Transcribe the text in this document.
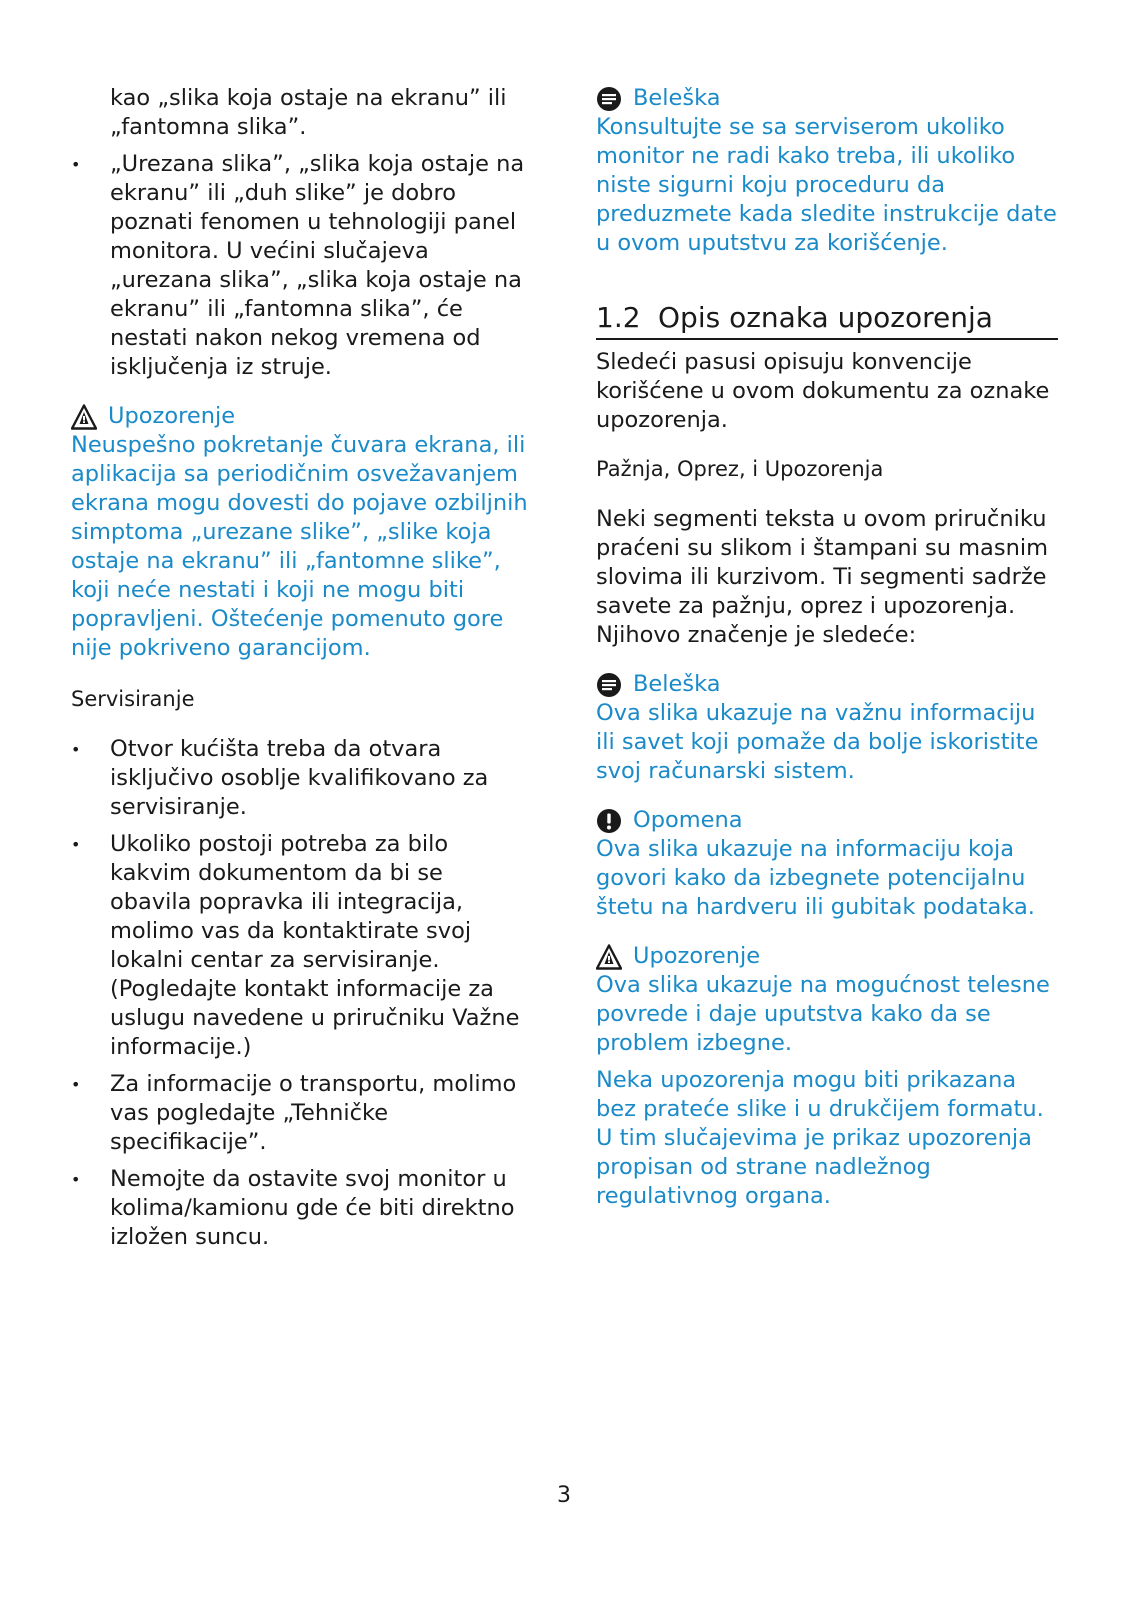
kao „slika koja ostaje na ekranu” ili „fantomna slika”.

• „Urezana slika”, „slika koja ostaje na ekranu” ili „duh slike” je dobro poznati fenomen u tehnologiji panel monitora. U većini slučajeva „urezana slika”, „slika koja ostaje na ekranu” ili „fantomna slika”, će nestati nakon nekog vremena od isključenja iz struje.

Upozorenje

Neuspešno pokretanje čuvara ekrana, ili aplikacija sa periodičnim osvežavanjem ekrana mogu dovesti do pojave ozbiljnih simptoma „urezane slike”, „slike koja ostaje na ekranu” ili „fantomne slike”, koji neće nestati i koji ne mogu biti popravljeni. Oštećenje pomenuto gore nije pokriveno garancijom.

Servisiranje

• Otvor kućišta treba da otvara isključivo osoblje kvalifikovano za servisiranje.

• Ukoliko postoji potreba za bilo kakvim dokumentom da bi se obavila popravka ili integracija, molimo vas da kontaktirate svoj lokalni centar za servisiranje. (Pogledajte kontakt informacije za uslugu navedene u priručniku Važne informacije.)

• Za informacije o transportu, molimo vas pogledajte „Tehničke specifikacije”.

• Nemojte da ostavite svoj monitor u kolima/kamionu gde će biti direktno izložen suncu.

Beleška

Konsultujte se sa serviserom ukoliko monitor ne radi kako treba, ili ukoliko niste sigurni koju proceduru da preduzmete kada sledite instrukcije date u ovom uputstvu za korišćenje.

1.2 Opis oznaka upozorenja

Sledeći pasusi opisuju konvencije korišćene u ovom dokumentu za oznake upozorenja.

Pažnja, Oprez, i Upozorenja

Neki segmenti teksta u ovom priručniku praćeni su slikom i štampani su masnim slovima ili kurzivom. Ti segmenti sadrže savete za pažnju, oprez i upozorenja. Njihovo značenje je sledeće:

Beleška

Ova slika ukazuje na važnu informaciju ili savet koji pomaže da bolje iskoristite svoj računarski sistem.

Opomena

Ova slika ukazuje na informaciju koja govori kako da izbegnete potencijalnu štetu na hardveru ili gubitak podataka.

Upozorenje

Ova slika ukazuje na mogućnost telesne povrede i daje uputstva kako da se problem izbegne.

Neka upozorenja mogu biti prikazana bez prateće slike i u drukčijem formatu. U tim slučajevima je prikaz upozorenja propisan od strane nadležnog regulativnog organa.

3
